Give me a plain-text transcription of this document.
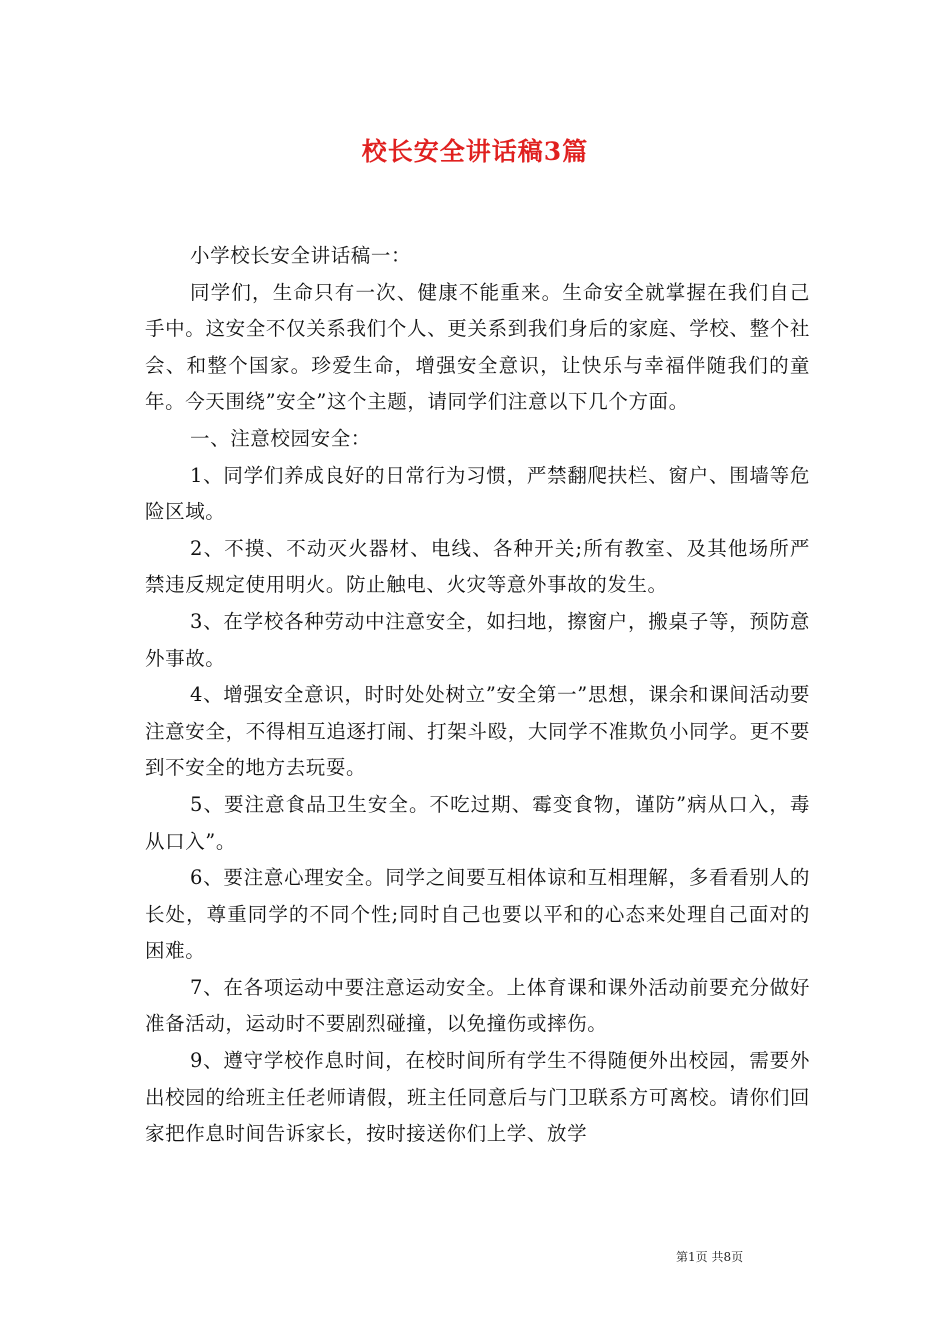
校长安全讲话稿3篇

小学校长安全讲话稿一：

同学们，生命只有一次、健康不能重来。生命安全就掌握在我们自己手中。这安全不仅关系我们个人、更关系到我们身后的家庭、学校、整个社会、和整个国家。珍爱生命，增强安全意识，让快乐与幸福伴随我们的童年。今天围绕”安全”这个主题，请同学们注意以下几个方面。

一、注意校园安全：

1、同学们养成良好的日常行为习惯，严禁翻爬扶栏、窗户、围墙等危险区域。

2、不摸、不动灭火器材、电线、各种开关;所有教室、及其他场所严禁违反规定使用明火。防止触电、火灾等意外事故的发生。

3、在学校各种劳动中注意安全，如扫地，擦窗户，搬桌子等，预防意外事故。

4、增强安全意识，时时处处树立”安全第一”思想，课余和课间活动要注意安全，不得相互追逐打闹、打架斗殴，大同学不准欺负小同学。更不要到不安全的地方去玩耍。

5、要注意食品卫生安全。不吃过期、霉变食物，谨防”病从口入，毒从口入”。

6、要注意心理安全。同学之间要互相体谅和互相理解，多看看别人的长处，尊重同学的不同个性;同时自己也要以平和的心态来处理自己面对的困难。

7、在各项运动中要注意运动安全。上体育课和课外活动前要充分做好准备活动，运动时不要剧烈碰撞，以免撞伤或摔伤。

9、遵守学校作息时间，在校时间所有学生不得随便外出校园，需要外出校园的给班主任老师请假，班主任同意后与门卫联系方可离校。请你们回家把作息时间告诉家长，按时接送你们上学、放学

第1页 共8页
